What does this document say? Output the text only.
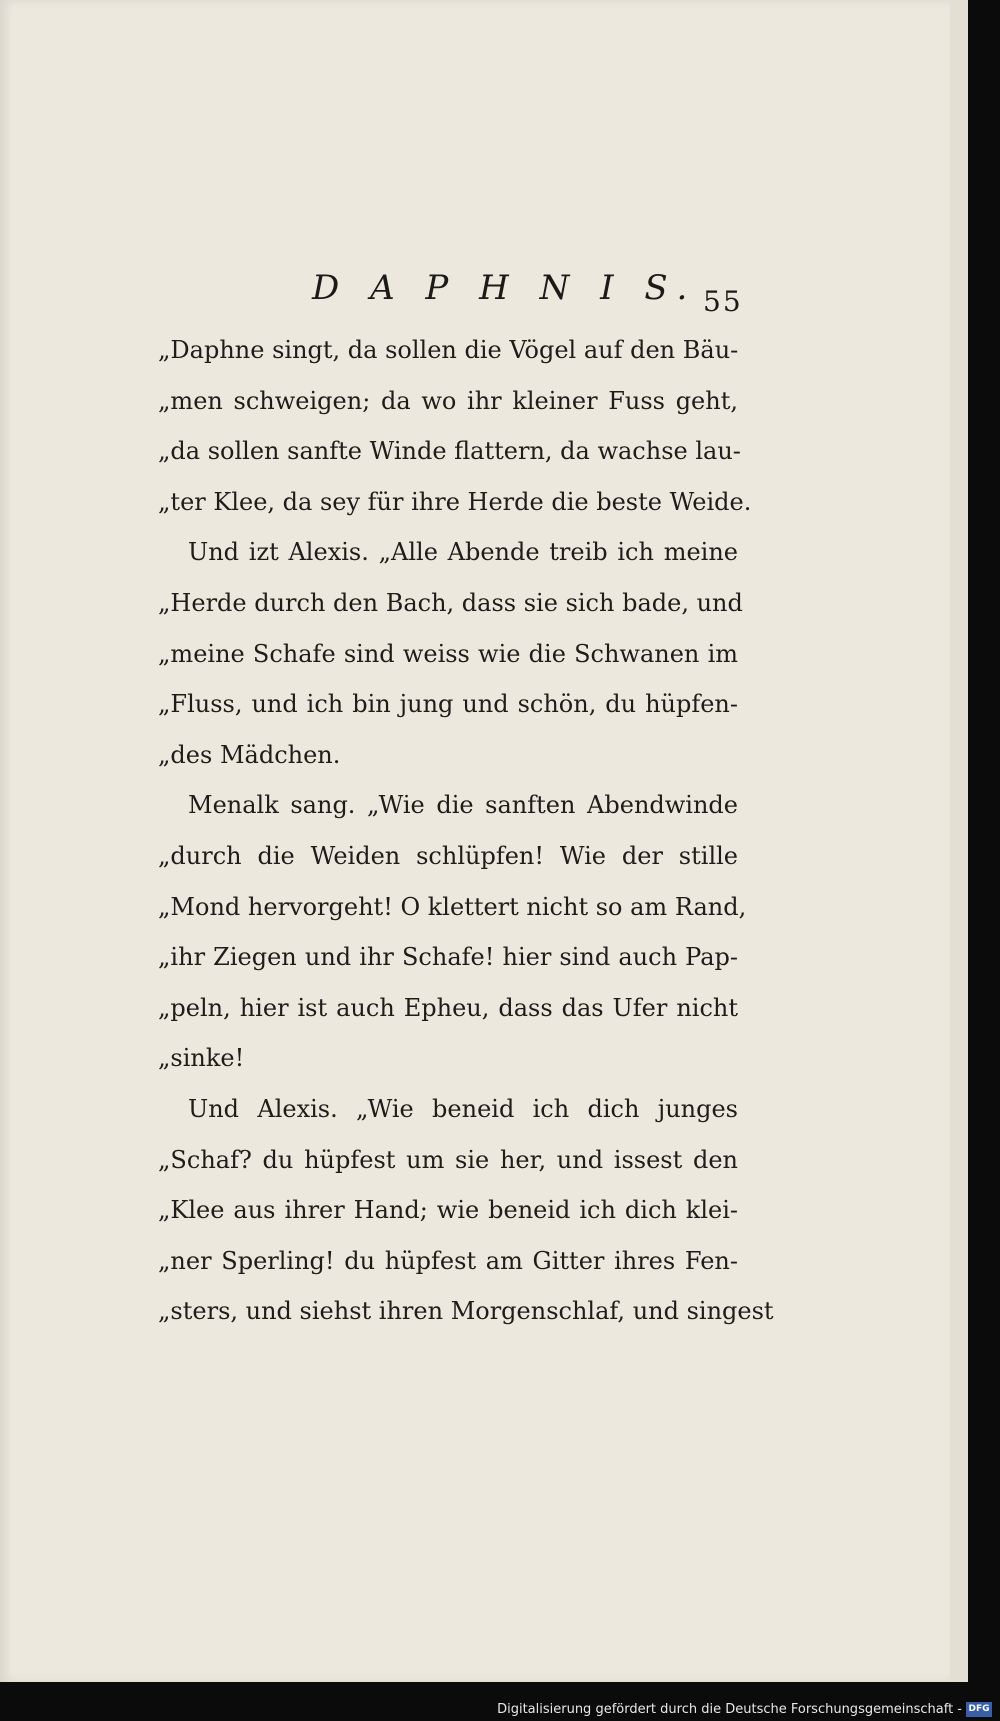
D A P H N I S. 55
„Daphne singt, da sollen die Vögel auf den Bäu-
„men schweigen; da wo ihr kleiner Fuss geht,
„da sollen sanfte Winde flattern, da wachse lau-
„ter Klee, da sey für ihre Herde die beste Weide.
Und izt Alexis. „Alle Abende treib ich meine
„Herde durch den Bach, dass sie sich bade, und
„meine Schafe sind weiss wie die Schwanen im
„Fluss, und ich bin jung und schön, du hüpfen-
„des Mädchen.
Menalk sang. „Wie die sanften Abendwinde
„durch die Weiden schlüpfen! Wie der stille
„Mond hervorgeht! O klettert nicht so am Rand,
„ihr Ziegen und ihr Schafe! hier sind auch Pap-
„peln, hier ist auch Epheu, dass das Ufer nicht
„sinke!
Und Alexis. „Wie beneid ich dich junges
„Schaf? du hüpfest um sie her, und issest den
„Klee aus ihrer Hand; wie beneid ich dich klei-
„ner Sperling! du hüpfest am Gitter ihres Fen-
„sters, und siehst ihren Morgenschlaf, und singest
Digitalisierung gefördert durch die Deutsche Forschungsgemeinschaft - DFG
